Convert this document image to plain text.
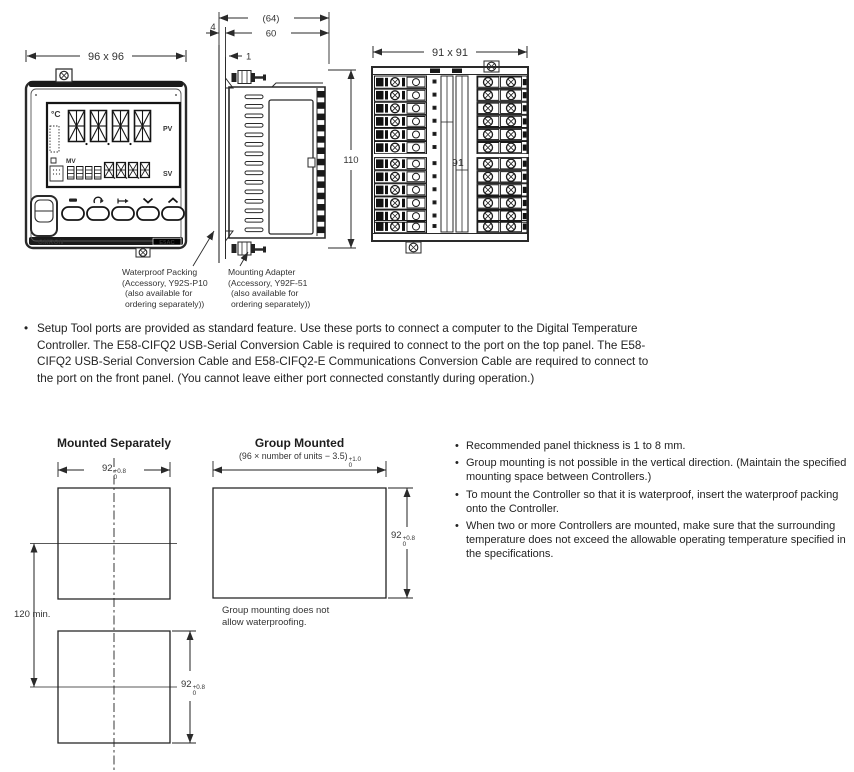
96 x 96
°C
PV
MV
SV
OMRON	E5AC
(64)
60
4
1
110
91 x 91
91
Waterproof Packing
(Accessory, Y92S-P10
(also available for
ordering separately))
Mounting Adapter
(Accessory, Y92F-51
(also available for
ordering separately))
• Setup Tool ports are provided as standard feature. Use these ports to connect a computer to the Digital Temperature Controller. The E58-CIFQ2 USB-Serial Conversion Cable is required to connect to the port on the top panel. The E58-CIFQ2 USB-Serial Conversion Cable and E58-CIFQ2-E Communications Conversion Cable are required to connect to the port on the front panel. (You cannot leave either port connected constantly during operation.)
Mounted Separately	Group Mounted
(96 × number of units − 3.5) +1.0
0
92 +0.8
0
92 +0.8
0
92 +0.8
0
120 min.	Group mounting does not
allow waterproofing.
• Recommended panel thickness is 1 to 8 mm.
• Group mounting is not possible in the vertical direction. (Maintain the specified mounting space between Controllers.)
• To mount the Controller so that it is waterproof, insert the waterproof packing onto the Controller.
• When two or more Controllers are mounted, make sure that the surrounding temperature does not exceed the allowable operating temperature specified in the specifications.
